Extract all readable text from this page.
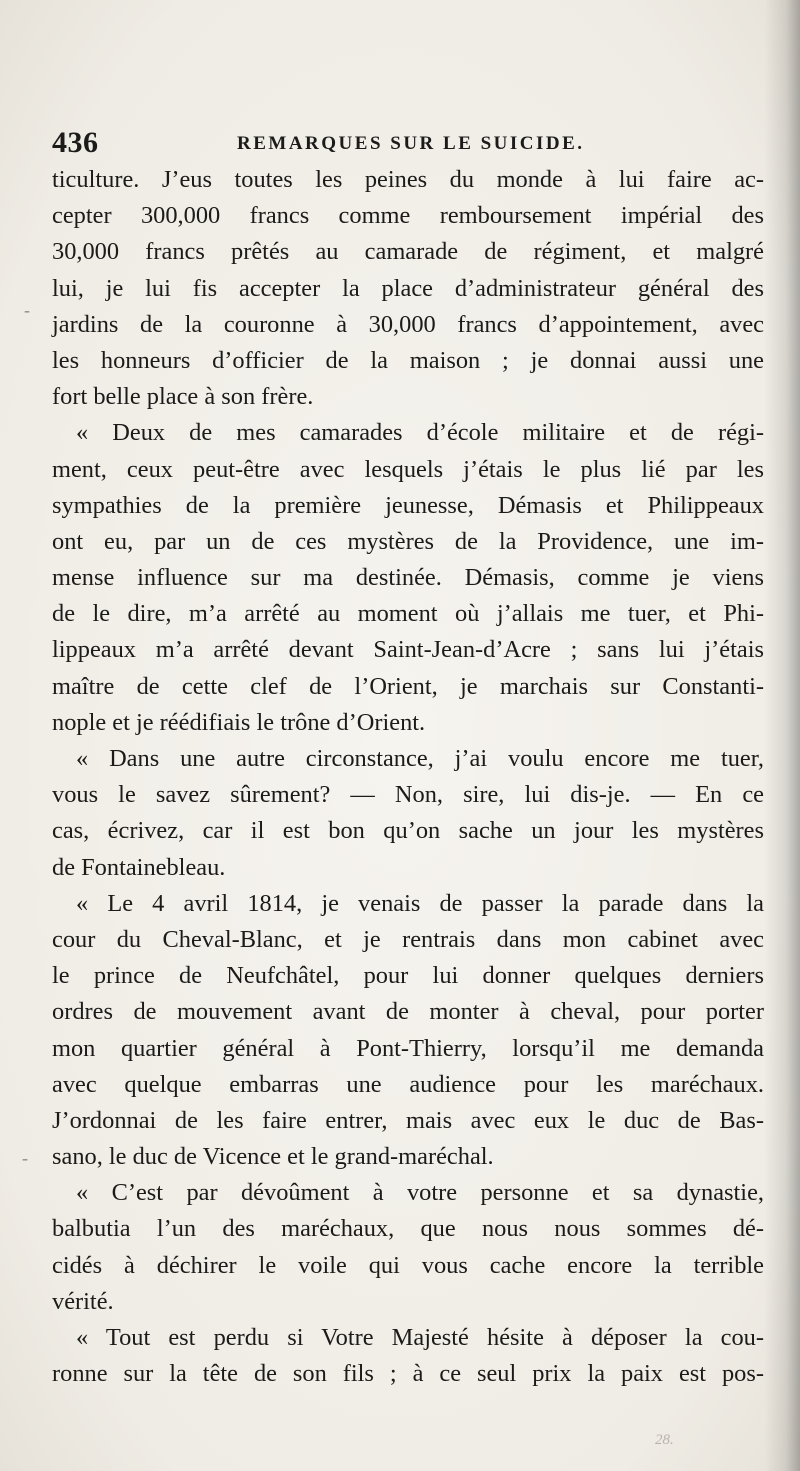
436	REMARQUES SUR LE SUICIDE.
ticulture. J’eus toutes les peines du monde à lui faire ac-
cepter 300,000 francs comme remboursement impérial des
30,000 francs prêtés au camarade de régiment, et malgré
lui, je lui fis accepter la place d’administrateur général des
jardins de la couronne à 30,000 francs d’appointement, avec
les honneurs d’officier de la maison ; je donnai aussi une
fort belle place à son frère.
« Deux de mes camarades d’école militaire et de régi-
ment, ceux peut-être avec lesquels j’étais le plus lié par les
sympathies de la première jeunesse, Démasis et Philippeaux
ont eu, par un de ces mystères de la Providence, une im-
mense influence sur ma destinée. Démasis, comme je viens
de le dire, m’a arrêté au moment où j’allais me tuer, et Phi-
lippeaux m’a arrêté devant Saint-Jean-d’Acre ; sans lui j’étais
maître de cette clef de l’Orient, je marchais sur Constanti-
nople et je réédifiais le trône d’Orient.
« Dans une autre circonstance, j’ai voulu encore me tuer,
vous le savez sûrement? — Non, sire, lui dis-je. — En ce
cas, écrivez, car il est bon qu’on sache un jour les mystères
de Fontainebleau.
« Le 4 avril 1814, je venais de passer la parade dans la
cour du Cheval-Blanc, et je rentrais dans mon cabinet avec
le prince de Neufchâtel, pour lui donner quelques derniers
ordres de mouvement avant de monter à cheval, pour porter
mon quartier général à Pont-Thierry, lorsqu’il me demanda
avec quelque embarras une audience pour les maréchaux.
J’ordonnai de les faire entrer, mais avec eux le duc de Bas-
sano, le duc de Vicence et le grand-maréchal.
« C’est par dévoûment à votre personne et sa dynastie,
balbutia l’un des maréchaux, que nous nous sommes dé-
cidés à déchirer le voile qui vous cache encore la terrible
vérité.
« Tout est perdu si Votre Majesté hésite à déposer la cou-
ronne sur la tête de son fils ; à ce seul prix la paix est pos-
-
-
28.
